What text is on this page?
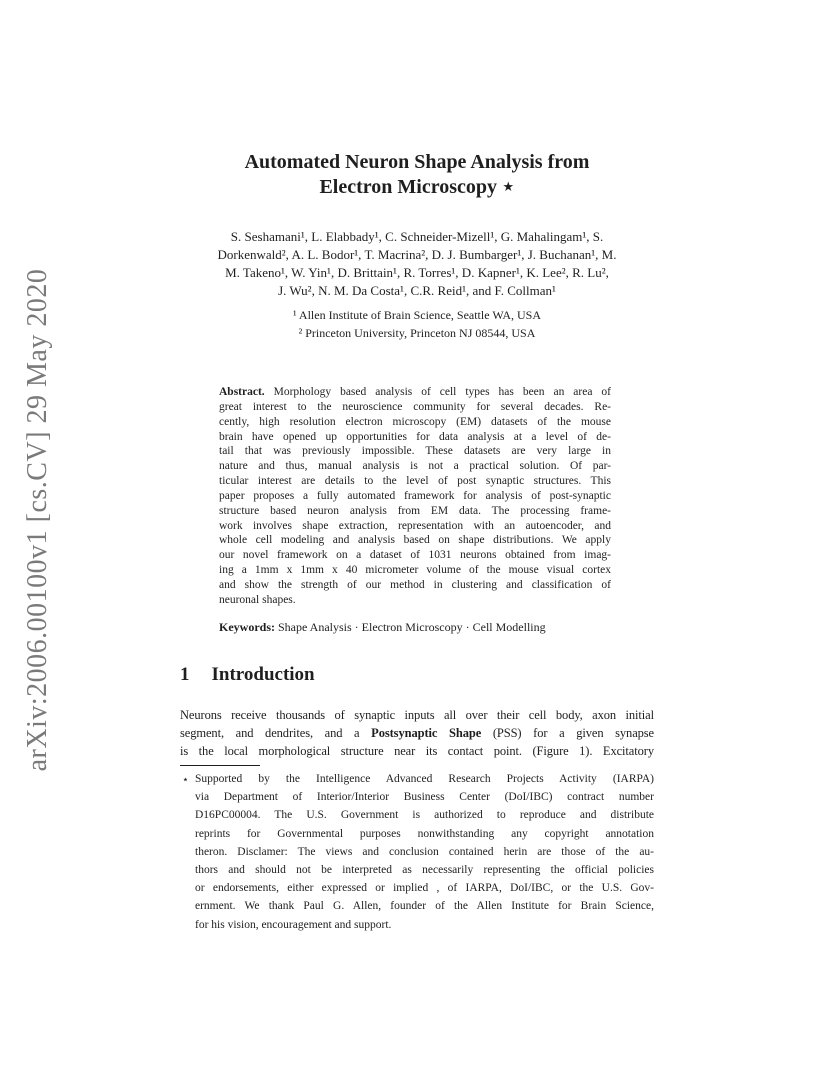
arXiv:2006.00100v1 [cs.CV] 29 May 2020
Automated Neuron Shape Analysis from
Electron Microscopy ⋆
S. Seshamani¹, L. Elabbady¹, C. Schneider-Mizell¹, G. Mahalingam¹, S.
Dorkenwald², A. L. Bodor¹, T. Macrina², D. J. Bumbarger¹, J. Buchanan¹, M.
M. Takeno¹, W. Yin¹, D. Brittain¹, R. Torres¹, D. Kapner¹, K. Lee², R. Lu²,
J. Wu², N. M. Da Costa¹, C.R. Reid¹, and F. Collman¹
¹ Allen Institute of Brain Science, Seattle WA, USA
² Princeton University, Princeton NJ 08544, USA
Abstract. Morphology based analysis of cell types has been an area of
great interest to the neuroscience community for several decades. Re-
cently, high resolution electron microscopy (EM) datasets of the mouse
brain have opened up opportunities for data analysis at a level of de-
tail that was previously impossible. These datasets are very large in
nature and thus, manual analysis is not a practical solution. Of par-
ticular interest are details to the level of post synaptic structures. This
paper proposes a fully automated framework for analysis of post-synaptic
structure based neuron analysis from EM data. The processing frame-
work involves shape extraction, representation with an autoencoder, and
whole cell modeling and analysis based on shape distributions. We apply
our novel framework on a dataset of 1031 neurons obtained from imag-
ing a 1mm x 1mm x 40 micrometer volume of the mouse visual cortex
and show the strength of our method in clustering and classification of
neuronal shapes.
Keywords: Shape Analysis · Electron Microscopy · Cell Modelling
1 Introduction
Neurons receive thousands of synaptic inputs all over their cell body, axon initial
segment, and dendrites, and a Postsynaptic Shape (PSS) for a given synapse
is the local morphological structure near its contact point. (Figure 1). Excitatory
⋆ Supported by the Intelligence Advanced Research Projects Activity (IARPA)
via Department of Interior/Interior Business Center (DoI/IBC) contract number
D16PC00004. The U.S. Government is authorized to reproduce and distribute
reprints for Governmental purposes nonwithstanding any copyright annotation
theron. Disclamer: The views and conclusion contained herin are those of the au-
thors and should not be interpreted as necessarily representing the official policies
or endorsements, either expressed or implied , of IARPA, DoI/IBC, or the U.S. Gov-
ernment. We thank Paul G. Allen, founder of the Allen Institute for Brain Science,
for his vision, encouragement and support.
